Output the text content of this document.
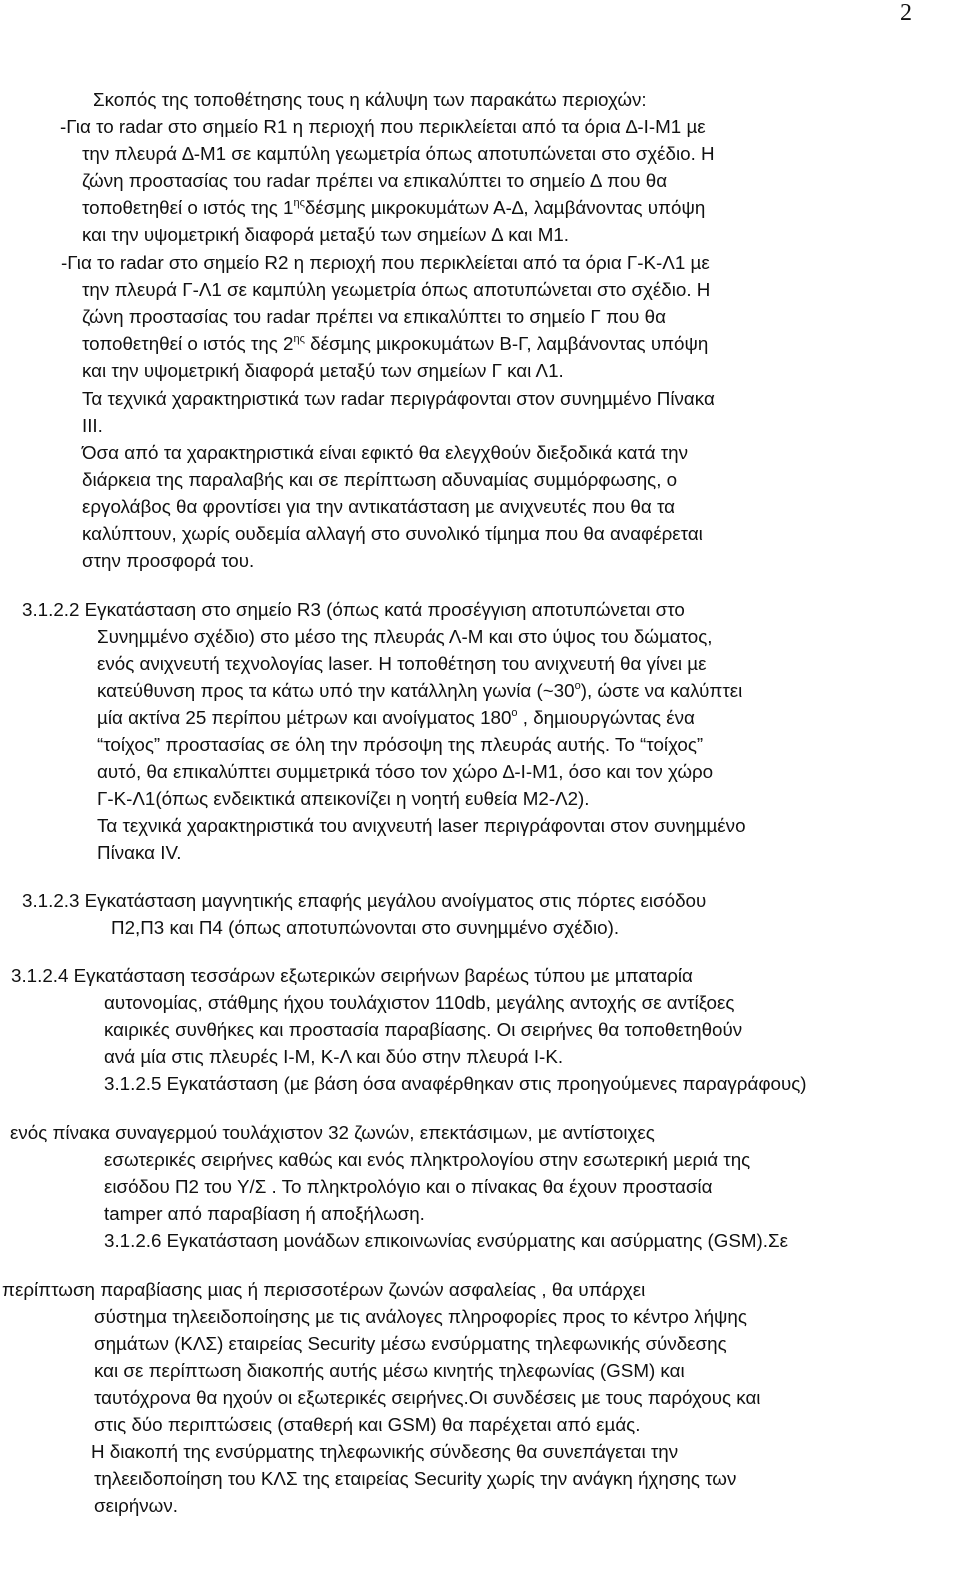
2
Σκοπός της τοποθέτησης τους η κάλυψη των παρακάτω περιοχών:
-Για το radar στο σηµείο R1 η περιοχή που περικλείεται από τα όρια ∆-I-M1 µε
την πλευρά ∆-Μ1 σε καµπύλη γεωµετρία όπως αποτυπώνεται στο σχέδιο. Η
ζώνη προστασίας του radar πρέπει να επικαλύπτει το σηµείο ∆ που θα
τοποθετηθεί ο ιστός της $1^{\eta\varsigma}\delta έ\sigma\mu\eta\varsigma$ µικροκυµάτων Α-∆, λαµβάνοντας υπόψη
και την υψοµετρική διαφορά µεταξύ των σηµείων ∆ και Μ1.
-Για το radar στο σηµείο R2 η περιοχή που περικλείεται από τα όρια Γ-Κ-Λ1 µε
την πλευρά Γ-Λ1 σε καµπύλη γεωµετρία όπως αποτυπώνεται στο σχέδιο. Η
ζώνη προστασίας του radar πρέπει να επικαλύπτει το σηµείο Γ που θα
τοποθετηθεί ο ιστός της $2^{\eta\varsigma}$ δέσµης µικροκυµάτων Β-Γ, λαµβάνοντας υπόψη
και την υψοµετρική διαφορά µεταξύ των σηµείων Γ και Λ1.
Τα τεχνικά χαρακτηριστικά των radar περιγράφονται στον συνηµµένο Πίνακα
ΙΙΙ.
Όσα από τα χαρακτηριστικά είναι εφικτό θα ελεγχθούν διεξοδικά κατά την
διάρκεια της παραλαβής και σε περίπτωση αδυναµίας συµµόρφωσης, ο
εργολάβος θα φροντίσει για την αντικατάσταση µε ανιχνευτές που θα τα
καλύπτουν, χωρίς ουδεµία αλλαγή στο συνολικό τίµηµα που θα αναφέρεται
στην προσφορά του.
3.1.2.2 Εγκατάσταση στο σηµείο R3 (όπως κατά προσέγγιση αποτυπώνεται στο
Συνηµµένο σχέδιο) στο µέσο της πλευράς Λ-Μ και στο ύψος του δώµατος,
ενός ανιχνευτή τεχνολογίας laser. Η τοποθέτηση του ανιχνευτή θα γίνει µε
κατεύθυνση προς τα κάτω υπό την κατάλληλη γωνία $(\sim 30^o)$, ώστε να καλύπτει
µία ακτίνα 25 περίπου µέτρων και ανοίγµατος $180^o$ , δηµιουργώντας ένα
“τοίχος” προστασίας σε όλη την πρόσοψη της πλευράς αυτής. Το “τοίχος”
αυτό, θα επικαλύπτει συµµετρικά τόσο τον χώρο ∆-I-M1, όσο και τον χώρο
Γ-Κ-Λ1(όπως ενδεικτικά απεικονίζει η νοητή ευθεία Μ2-Λ2).
Τα τεχνικά χαρακτηριστικά του ανιχνευτή laser περιγράφονται στον συνηµµένο
Πίνακα ΙV.
3.1.2.3 Εγκατάσταση µαγνητικής επαφής µεγάλου ανοίγµατος στις πόρτες εισόδου
Π2,Π3 και Π4 (όπως αποτυπώνονται στο συνηµµένο σχέδιο).
3.1.2.4 Εγκατάσταση τεσσάρων εξωτερικών σειρήνων βαρέως τύπου µε µπαταρία
αυτονοµίας, στάθµης ήχου τουλάχιστον 110db, µεγάλης αντοχής σε αντίξοες
καιρικές συνθήκες και προστασία παραβίασης. Οι σειρήνες θα τοποθετηθούν
ανά µία στις πλευρές Ι-Μ, Κ-Λ και δύο στην πλευρά Ι-Κ.
3.1.2.5 Εγκατάσταση (µε βάση όσα αναφέρθηκαν στις προηγούµενες παραγράφους)
ενός πίνακα συναγερµού τουλάχιστον 32 ζωνών, επεκτάσιµων, µε αντίστοιχες
εσωτερικές σειρήνες καθώς και ενός πληκτρολογίου στην εσωτερική µεριά της
εισόδου Π2 του Υ/Σ . Το πληκτρολόγιο και ο πίνακας θα έχουν προστασία
tamper από παραβίαση ή αποξήλωση.
3.1.2.6 Εγκατάσταση µονάδων επικοινωνίας ενσύρµατης και ασύρµατης (GSM).Σε
περίπτωση παραβίασης µιας ή περισσοτέρων ζωνών ασφαλείας , θα υπάρχει
σύστηµα τηλεειδοποίησης µε τις ανάλογες πληροφορίες προς το κέντρο λήψης
σηµάτων (ΚΛΣ) εταιρείας Security µέσω ενσύρµατης τηλεφωνικής σύνδεσης
και σε περίπτωση διακοπής αυτής µέσω κινητής τηλεφωνίας (GSM) και
ταυτόχρονα θα ηχούν οι εξωτερικές σειρήνες.Οι συνδέσεις µε τους παρόχους και
στις δύο περιπτώσεις (σταθερή και GSM) θα παρέχεται από εµάς.
Η διακοπή της ενσύρµατης τηλεφωνικής σύνδεσης θα συνεπάγεται την
τηλεειδοποίηση του ΚΛΣ της εταιρείας Security χωρίς την ανάγκη ήχησης των
σειρήνων.
